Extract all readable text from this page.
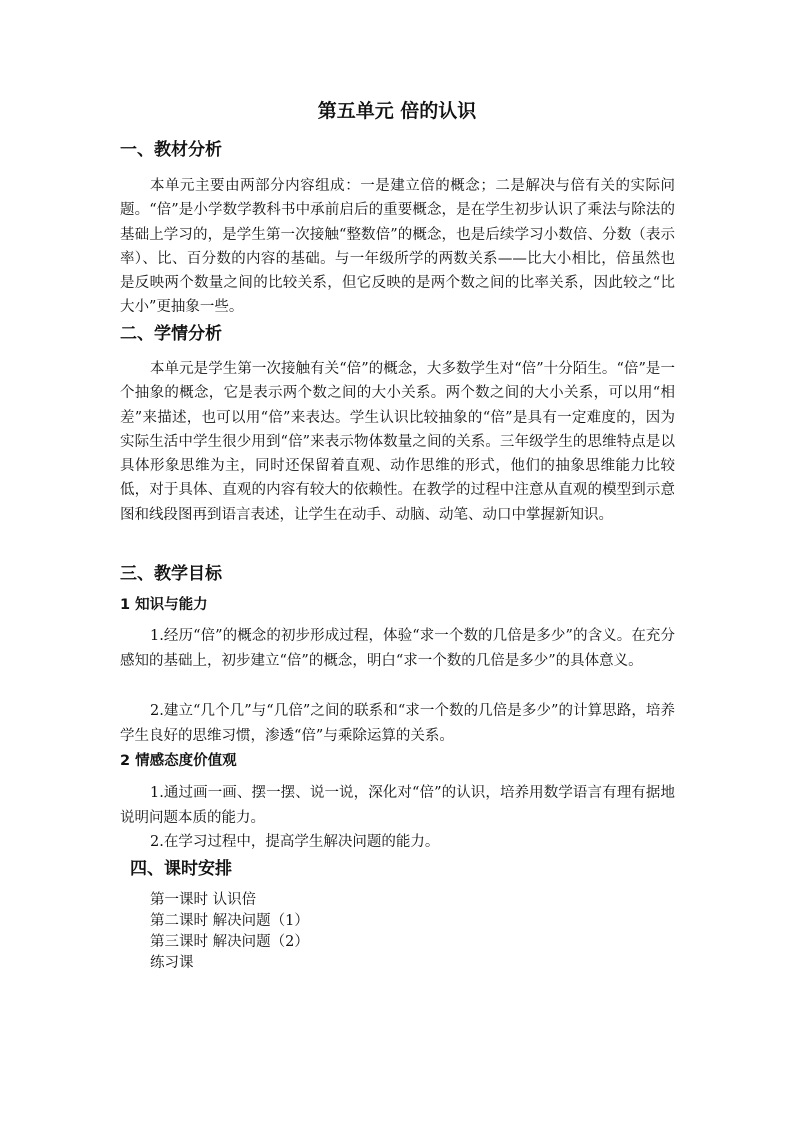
第五单元 倍的认识
一、教材分析
本单元主要由两部分内容组成：一是建立倍的概念；二是解决与倍有关的实际问题。“倍”是小学数学教科书中承前启后的重要概念，是在学生初步认识了乘法与除法的基础上学习的，是学生第一次接触“整数倍”的概念，也是后续学习小数倍、分数（表示率）、比、百分数的内容的基础。与一年级所学的两数关系——比大小相比，倍虽然也是反映两个数量之间的比较关系，但它反映的是两个数之间的比率关系，因此较之“比大小”更抽象一些。
二、学情分析
本单元是学生第一次接触有关“倍”的概念，大多数学生对“倍”十分陌生。“倍”是一个抽象的概念，它是表示两个数之间的大小关系。两个数之间的大小关系，可以用“相差”来描述，也可以用“倍”来表达。学生认识比较抽象的“倍”是具有一定难度的，因为实际生活中学生很少用到“倍”来表示物体数量之间的关系。三年级学生的思维特点是以具体形象思维为主，同时还保留着直观、动作思维的形式，他们的抽象思维能力比较低，对于具体、直观的内容有较大的依赖性。在教学的过程中注意从直观的模型到示意图和线段图再到语言表述，让学生在动手、动脑、动笔、动口中掌握新知识。
三、教学目标
1 知识与能力
1.经历“倍”的概念的初步形成过程，体验“求一个数的几倍是多少”的含义。在充分感知的基础上，初步建立“倍”的概念，明白“求一个数的几倍是多少”的具体意义。
2.建立“几个几”与“几倍”之间的联系和“求一个数的几倍是多少”的计算思路，培养学生良好的思维习惯，渗透“倍”与乘除运算的关系。
2 情感态度价值观
1.通过画一画、摆一摆、说一说，深化对“倍”的认识，培养用数学语言有理有据地说明问题本质的能力。
2.在学习过程中，提高学生解决问题的能力。
四、课时安排
第一课时 认识倍
第二课时 解决问题（1）
第三课时 解决问题（2）
练习课
